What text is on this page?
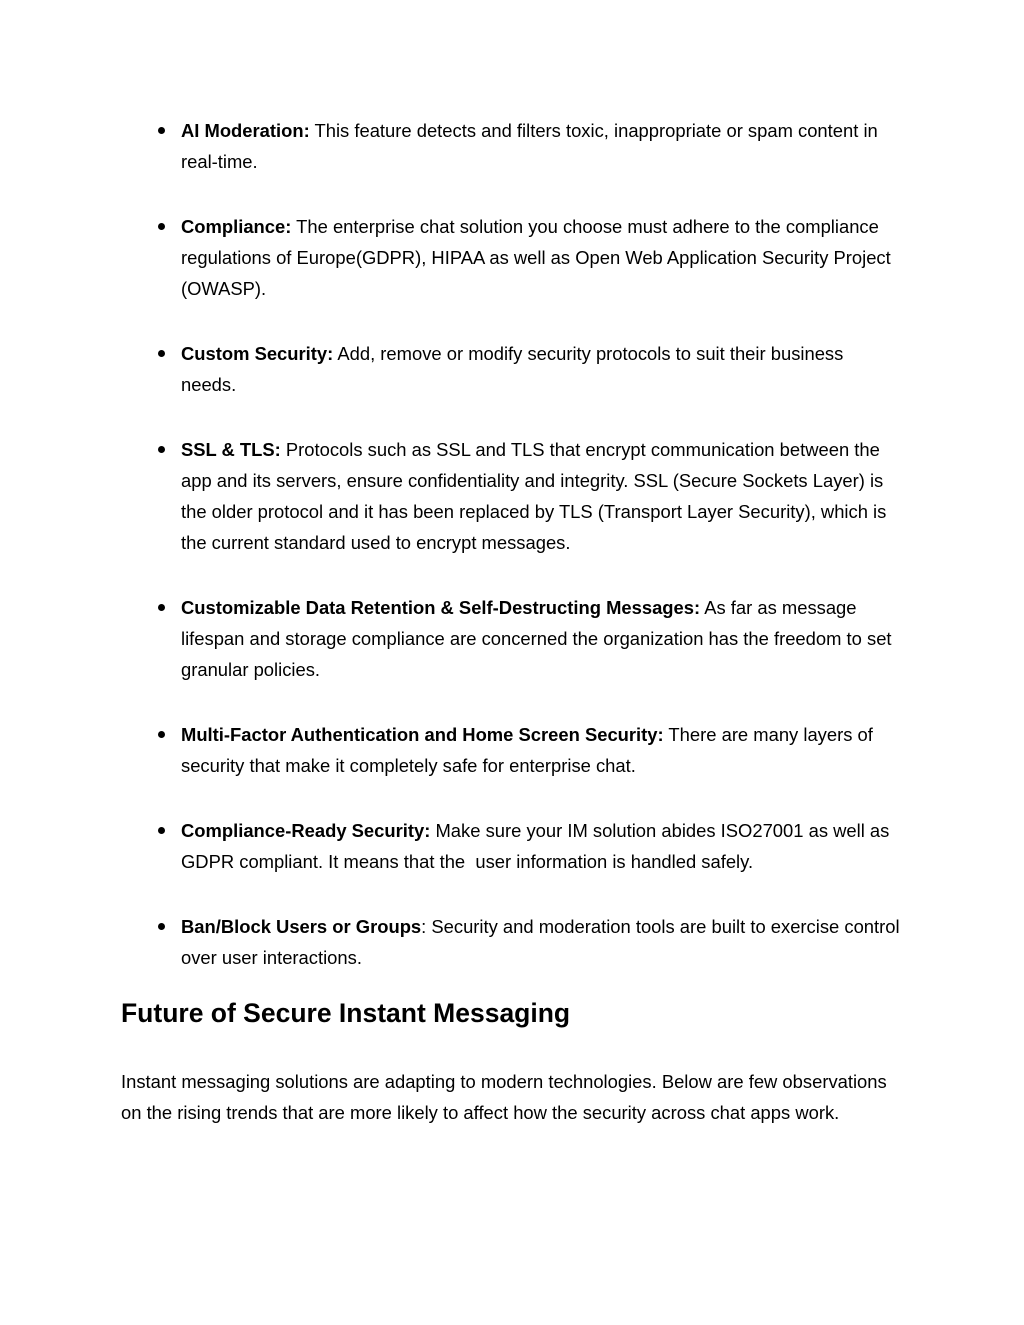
AI Moderation: This feature detects and filters toxic, inappropriate or spam content in
real-time.
Compliance: The enterprise chat solution you choose must adhere to the compliance
regulations of Europe(GDPR), HIPAA as well as Open Web Application Security Project
(OWASP).
Custom Security: Add, remove or modify security protocols to suit their business
needs.
SSL & TLS: Protocols such as SSL and TLS that encrypt communication between the
app and its servers, ensure confidentiality and integrity. SSL (Secure Sockets Layer) is
the older protocol and it has been replaced by TLS (Transport Layer Security), which is
the current standard used to encrypt messages.
Customizable Data Retention & Self-Destructing Messages: As far as message
lifespan and storage compliance are concerned the organization has the freedom to set
granular policies.
Multi-Factor Authentication and Home Screen Security: There are many layers of
security that make it completely safe for enterprise chat.
Compliance-Ready Security: Make sure your IM solution abides ISO27001 as well as
GDPR compliant. It means that the  user information is handled safely.
Ban/Block Users or Groups: Security and moderation tools are built to exercise control
over user interactions.
Future of Secure Instant Messaging
Instant messaging solutions are adapting to modern technologies. Below are few observations
on the rising trends that are more likely to affect how the security across chat apps work.
